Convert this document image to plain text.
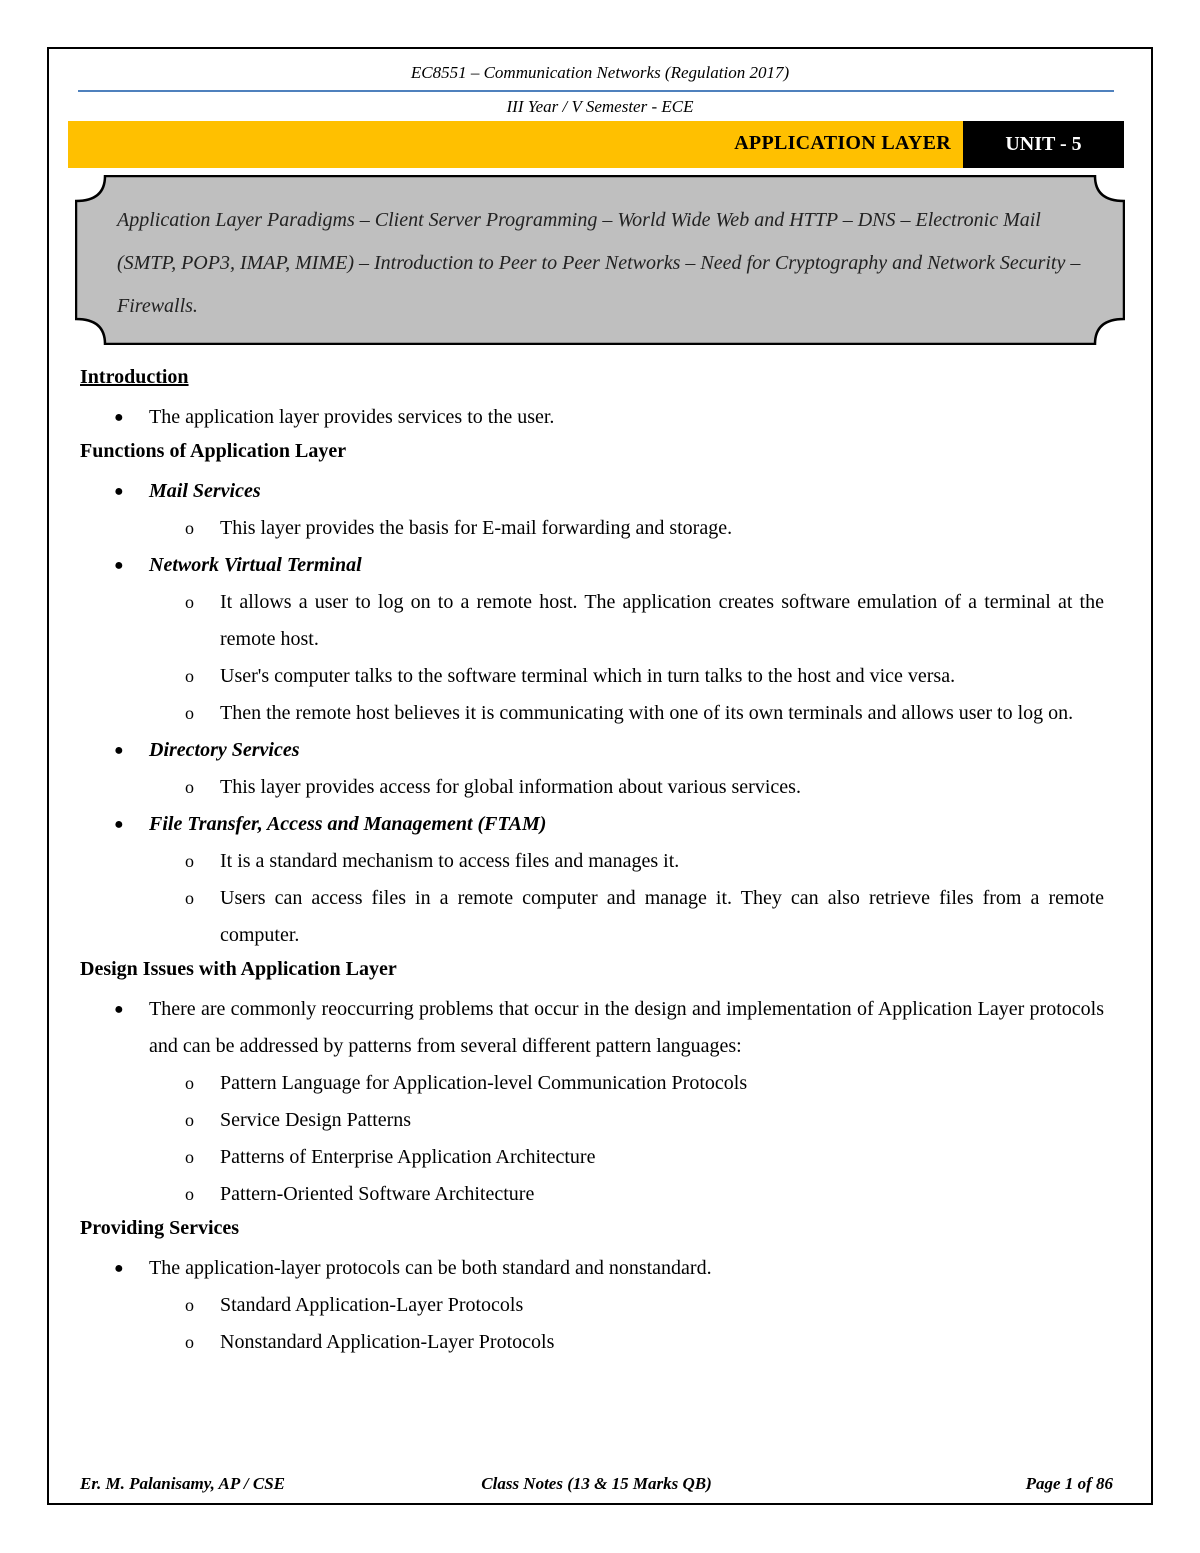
EC8551 – Communication Networks (Regulation 2017)
III Year / V Semester - ECE
APPLICATION LAYER	UNIT - 5
Application Layer Paradigms – Client Server Programming – World Wide Web and HTTP – DNS – Electronic Mail (SMTP, POP3, IMAP, MIME) – Introduction to Peer to Peer Networks – Need for Cryptography and Network Security – Firewalls.
Introduction
● The application layer provides services to the user.
Functions of Application Layer
● Mail Services
o This layer provides the basis for E-mail forwarding and storage.
● Network Virtual Terminal
o It allows a user to log on to a remote host. The application creates software emulation of a terminal at the remote host.
o User's computer talks to the software terminal which in turn talks to the host and vice versa.
o Then the remote host believes it is communicating with one of its own terminals and allows user to log on.
● Directory Services
o This layer provides access for global information about various services.
● File Transfer, Access and Management (FTAM)
o It is a standard mechanism to access files and manages it.
o Users can access files in a remote computer and manage it. They can also retrieve files from a remote computer.
Design Issues with Application Layer
● There are commonly reoccurring problems that occur in the design and implementation of Application Layer protocols and can be addressed by patterns from several different pattern languages:
o Pattern Language for Application-level Communication Protocols
o Service Design Patterns
o Patterns of Enterprise Application Architecture
o Pattern-Oriented Software Architecture
Providing Services
● The application-layer protocols can be both standard and nonstandard.
o Standard Application-Layer Protocols
o Nonstandard Application-Layer Protocols
Er. M. Palanisamy, AP / CSE	Class Notes (13 & 15 Marks QB)	Page 1 of 86
